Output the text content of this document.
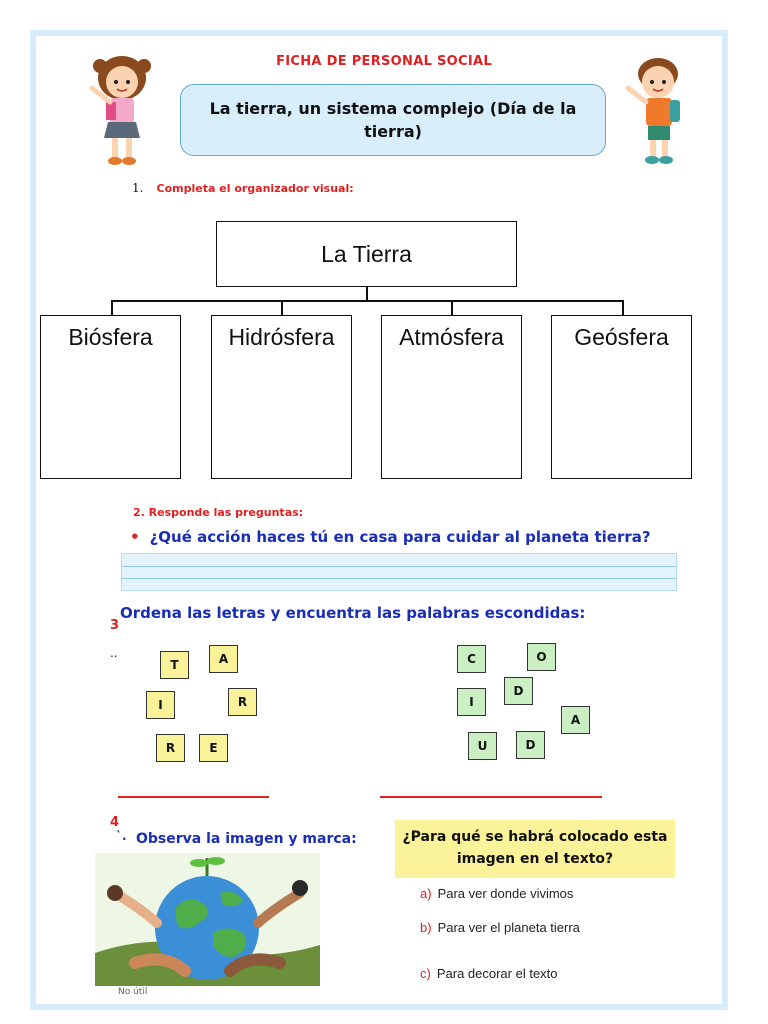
FICHA DE PERSONAL SOCIAL
La tierra, un sistema complejo (Día de la tierra)
1. Completa el organizador visual:
La Tierra
Biósfera	Hidrósfera	Atmósfera	Geósfera
2. Responde las preguntas:
• ¿Qué acción haces tú en casa para cuidar al planeta tierra?
3
..
Ordena las letras y encuentra las palabras escondidas:
T	A
I	R
R	E
C	O
D
I
A
U	D
4
`. Observa la imagen y marca:
No útil
¿Para qué se habrá colocado esta imagen en el texto?
a) Para ver donde vivimos
b) Para ver el planeta tierra
c) Para decorar el texto
